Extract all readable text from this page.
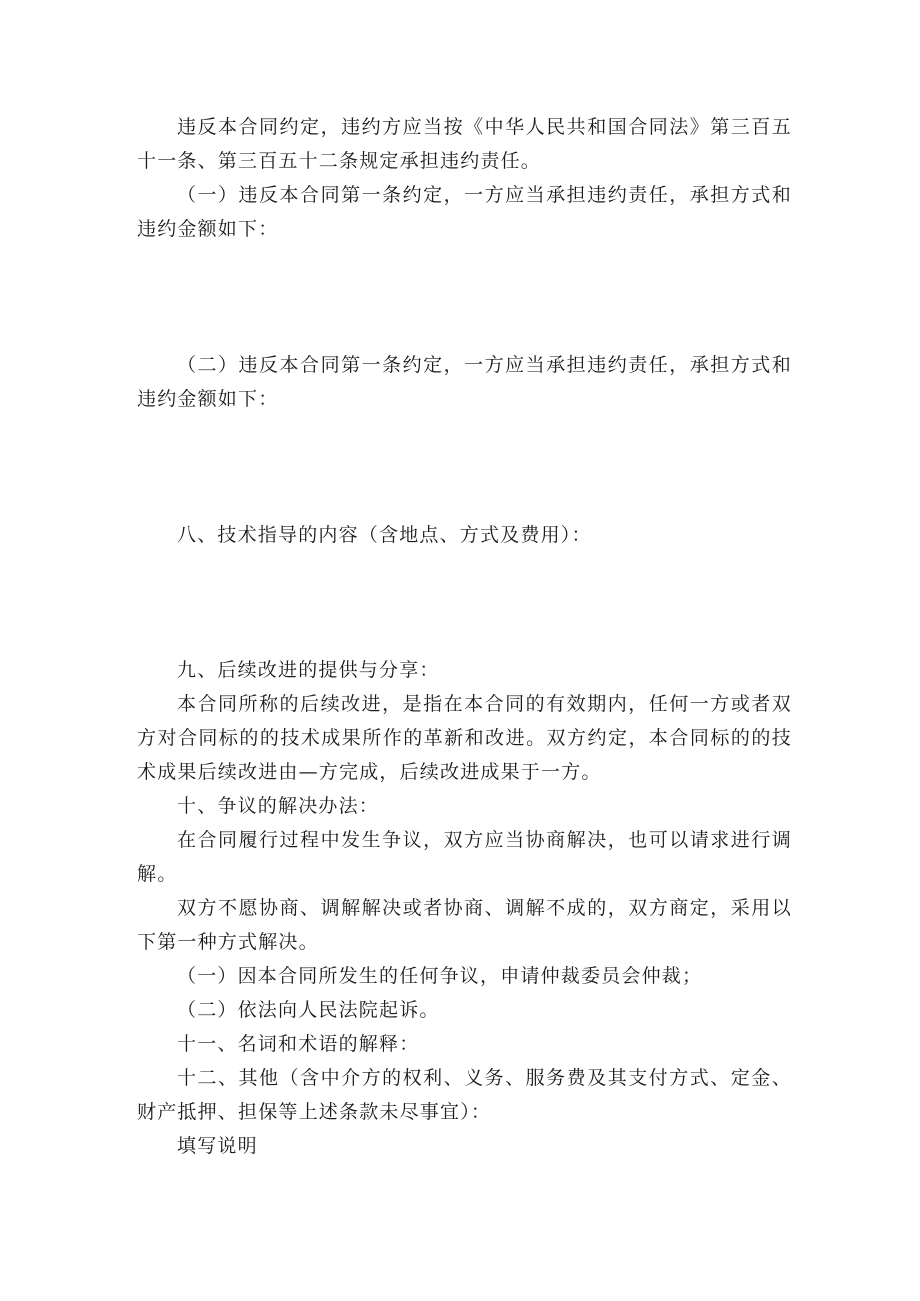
违反本合同约定，违约方应当按《中华人民共和国合同法》第三百五十一条、第三百五十二条规定承担违约责任。

（一）违反本合同第一条约定，一方应当承担违约责任，承担方式和违约金额如下：

（二）违反本合同第一条约定，一方应当承担违约责任，承担方式和违约金额如下：

八、技术指导的内容（含地点、方式及费用）：

九、后续改进的提供与分享：

本合同所称的后续改进，是指在本合同的有效期内，任何一方或者双方对合同标的的技术成果所作的革新和改进。双方约定，本合同标的的技术成果后续改进由—方完成，后续改进成果于一方。

十、争议的解决办法：

在合同履行过程中发生争议，双方应当协商解决，也可以请求进行调解。

双方不愿协商、调解解决或者协商、调解不成的，双方商定，采用以下第一种方式解决。

（一）因本合同所发生的任何争议，申请仲裁委员会仲裁；

（二）依法向人民法院起诉。

十一、名词和术语的解释：

十二、其他（含中介方的权利、义务、服务费及其支付方式、定金、财产抵押、担保等上述条款未尽事宜）：

填写说明
